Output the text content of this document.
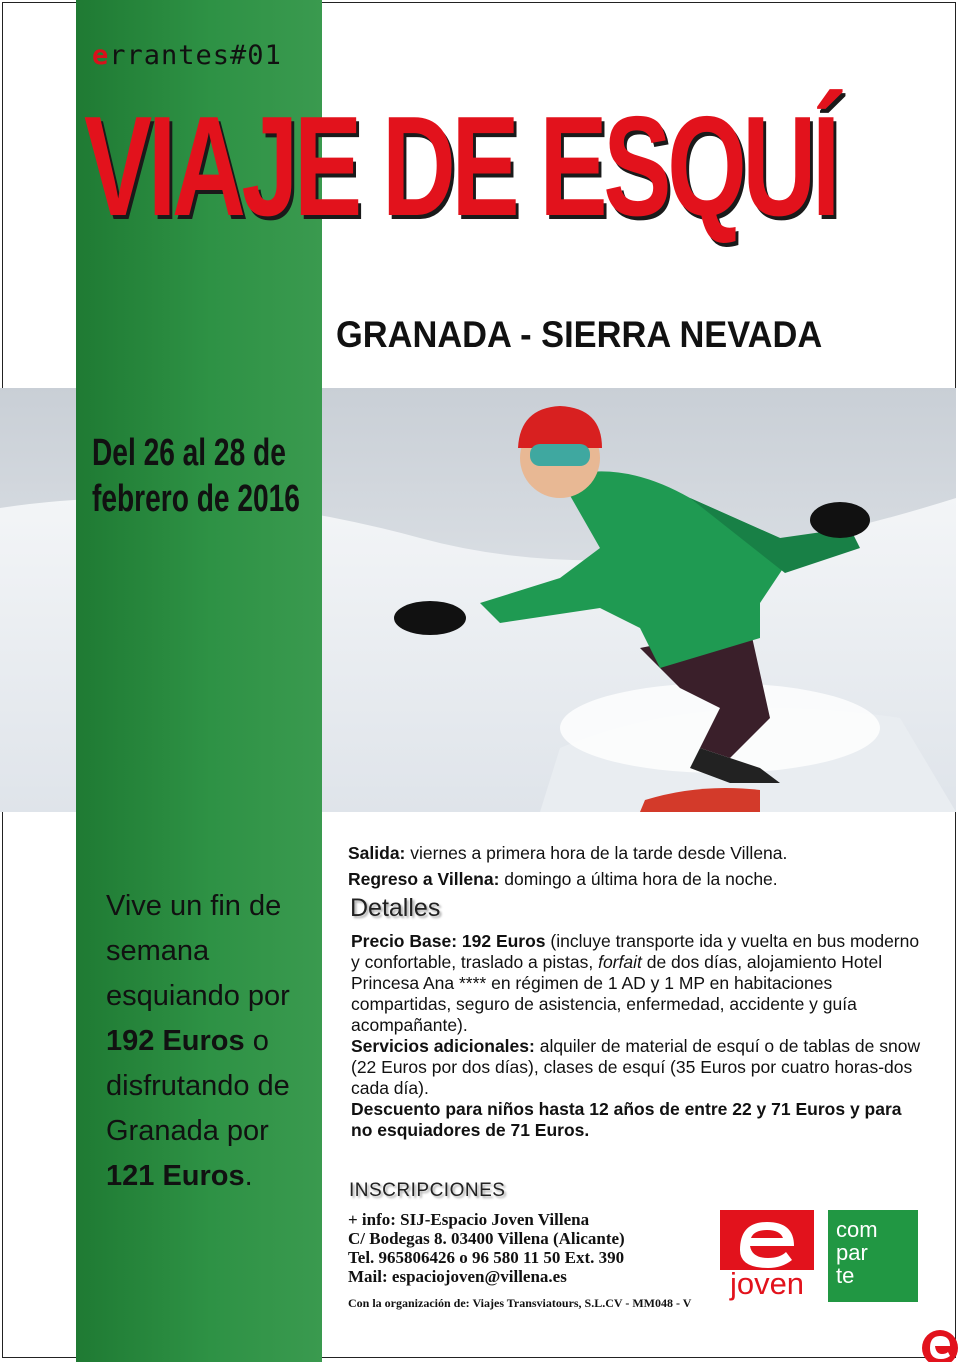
errantes#01
VIAJE DE ESQUÍ
GRANADA - SIERRA NEVADA
Del 26 al 28 de
febrero de 2016
Vive un fin de
semana
esquiando por
192 Euros o
disfrutando de
Granada por
121 Euros.
Salida: viernes a primera hora de la tarde desde Villena.
Regreso a Villena: domingo a última hora de la noche.
Detalles
Precio Base: 192 Euros (incluye transporte ida y vuelta en bus moderno y confortable, traslado a pistas, forfait de dos días, alojamiento Hotel Princesa Ana **** en régimen de 1 AD y 1 MP en habitaciones compartidas, seguro de asistencia, enfermedad, accidente y guía acompañante).
Servicios adicionales: alquiler de material de esquí o de tablas de snow (22 Euros por dos días), clases de esquí (35 Euros por cuatro horas-dos cada día).
Descuento para niños hasta 12 años de entre 22 y 71 Euros y para no esquiadores de 71 Euros.
INSCRIPCIONES
+ info: SIJ-Espacio Joven Villena
C/ Bodegas 8. 03400 Villena (Alicante)
Tel. 965806426 o 96 580 11 50 Ext. 390
Mail: espaciojoven@villena.es
Con la organización de: Viajes Transviatours, S.L.CV - MM048 - V
joven
com
par
te
